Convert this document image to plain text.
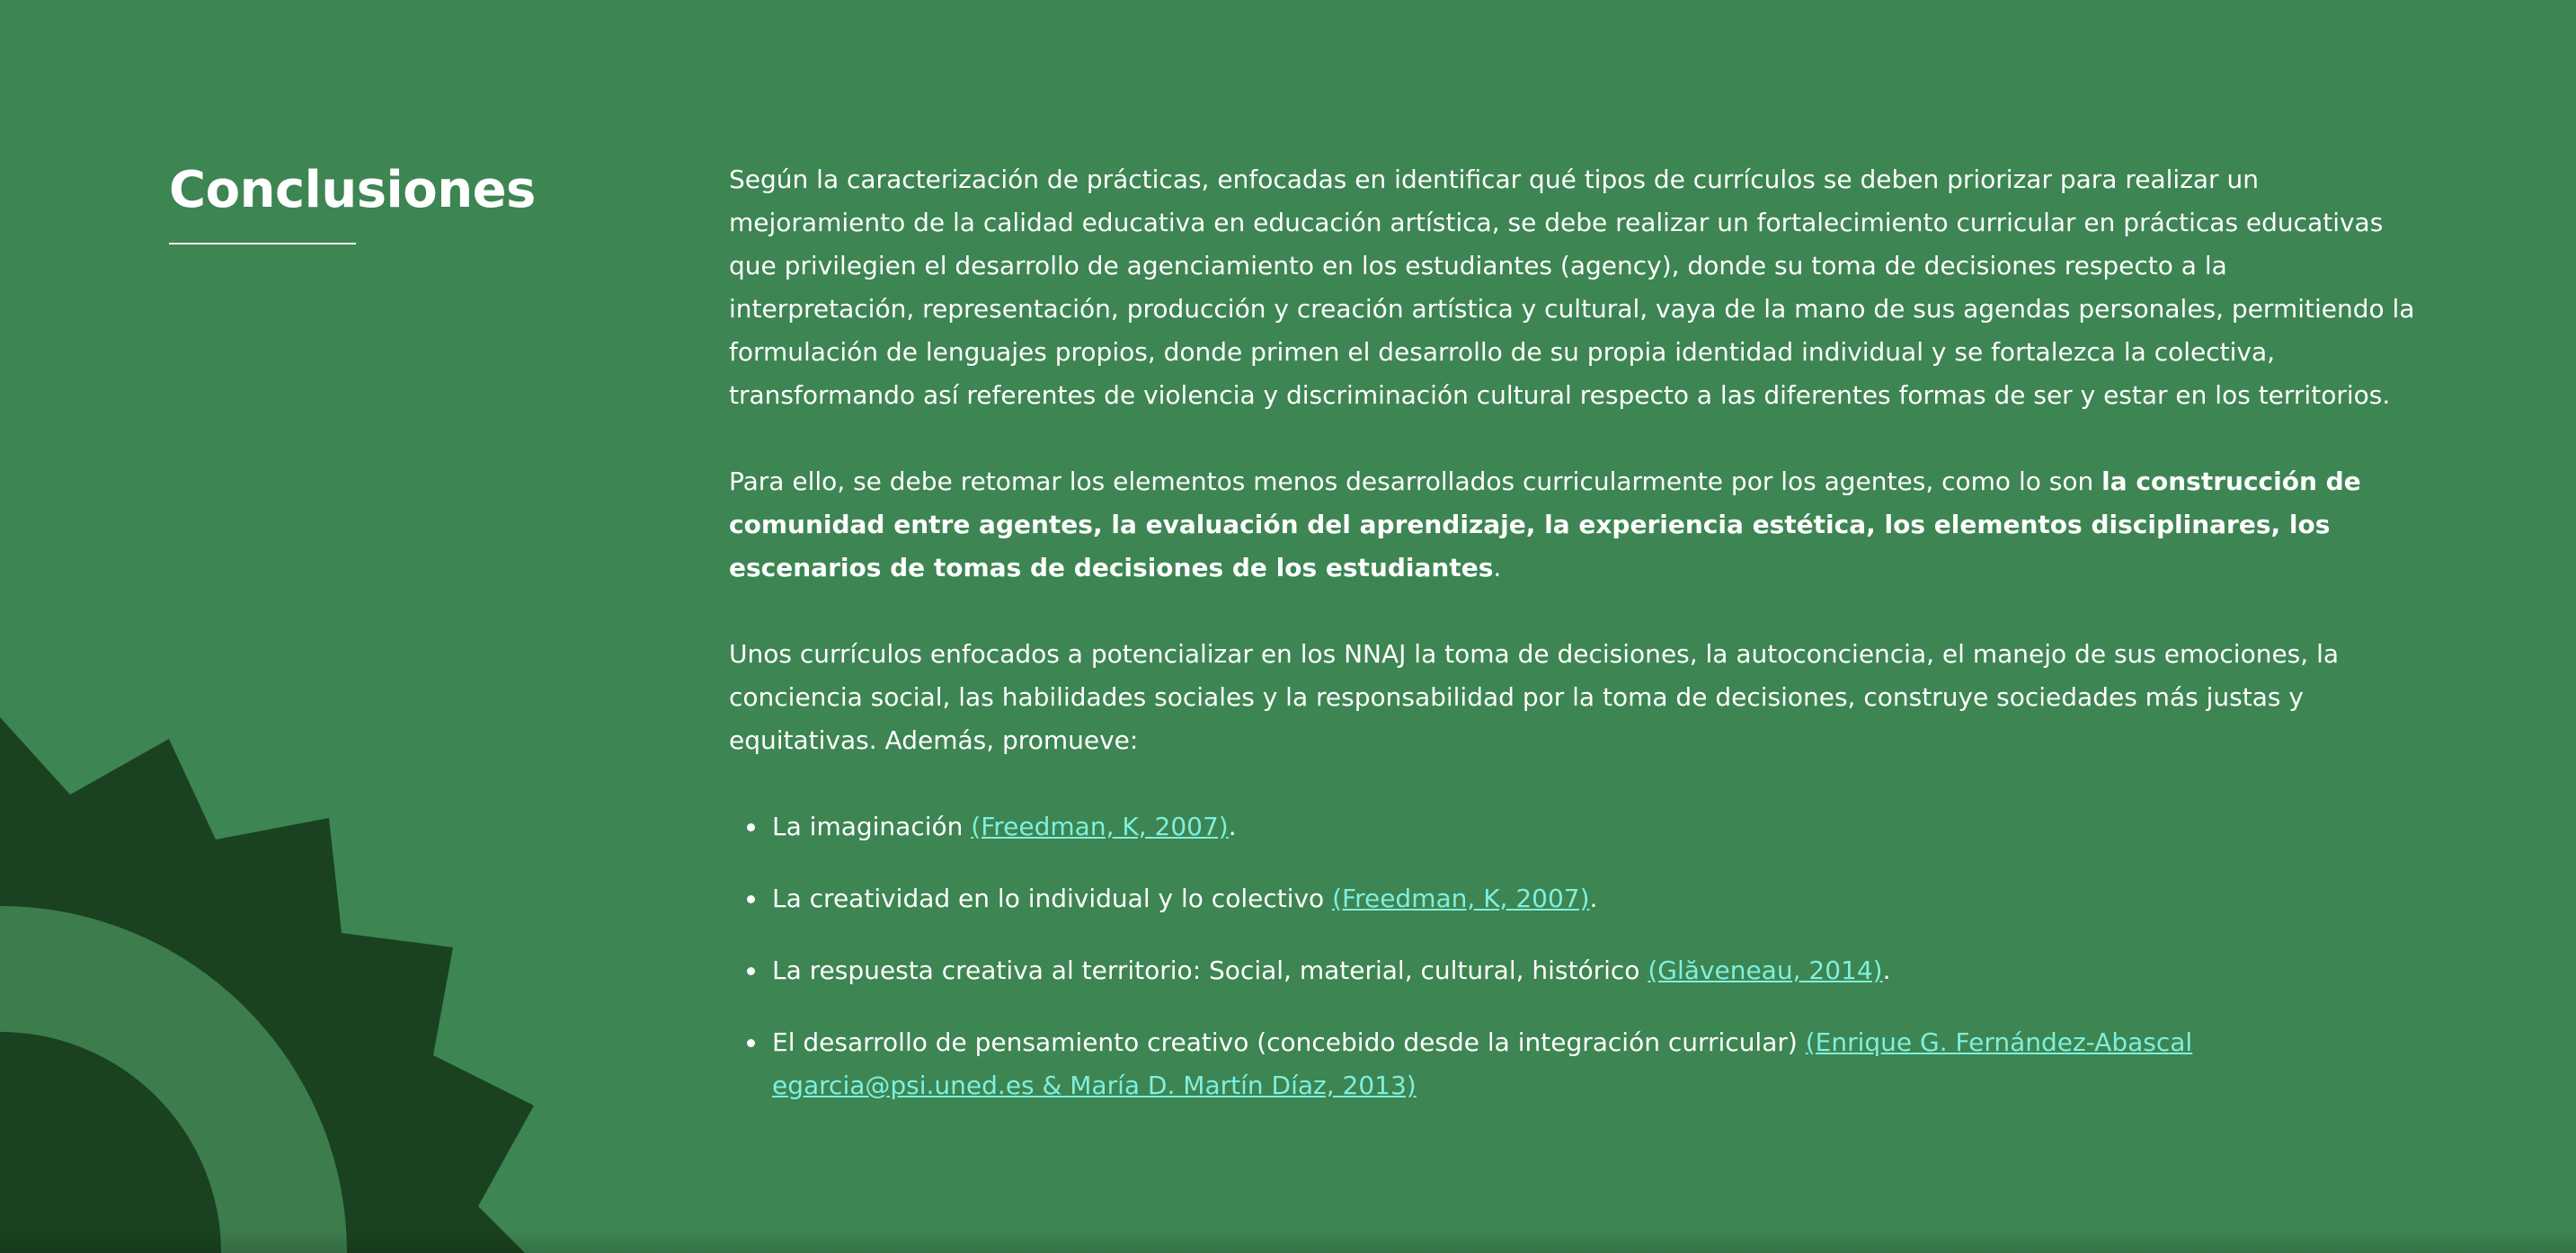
Conclusiones	Según la caracterización de prácticas, enfocadas en identificar qué tipos de currículos se deben priorizar para realizar un mejoramiento de la calidad educativa en educación artística, se debe realizar un fortalecimiento curricular en prácticas educativas que privilegien el desarrollo de agenciamiento en los estudiantes (agency), donde su toma de decisiones respecto a la interpretación, representación, producción y creación artística y cultural, vaya de la mano de sus agendas personales, permitiendo la formulación de lenguajes propios, donde primen el desarrollo de su propia identidad individual y se fortalezca la colectiva, transformando así referentes de violencia y discriminación cultural respecto a las diferentes formas de ser y estar en los territorios.

Para ello, se debe retomar los elementos menos desarrollados curricularmente por los agentes, como lo son la construcción de comunidad entre agentes, la evaluación del aprendizaje, la experiencia estética, los elementos disciplinares, los escenarios de tomas de decisiones de los estudiantes.

Unos currículos enfocados a potencializar en los NNAJ la toma de decisiones, la autoconciencia, el manejo de sus emociones, la conciencia social, las habilidades sociales y la responsabilidad por la toma de decisiones, construye sociedades más justas y equitativas. Además, promueve:

La imaginación (Freedman, K, 2007).
La creatividad en lo individual y lo colectivo (Freedman, K, 2007).
La respuesta creativa al territorio: Social, material, cultural, histórico (Glăveneau, 2014).
El desarrollo de pensamiento creativo (concebido desde la integración curricular) (Enrique G. Fernández-Abascal egarcia@psi.uned.es & María D. Martín Díaz, 2013)
